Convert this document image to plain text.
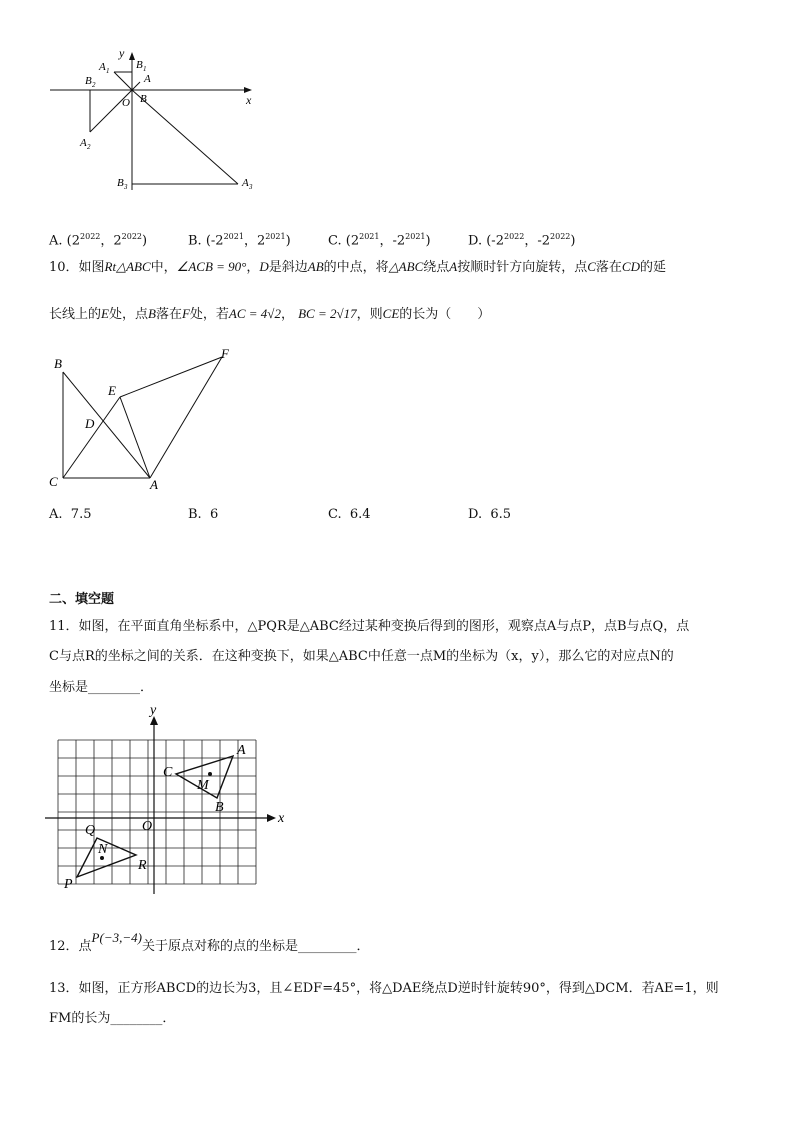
y
x
A 1 B 1
A
B 2
O B
A 2
B 3	A 3
A. ($2^{2022}$，$2^{2022}$)	B. ($-2^{2021}$，$2^{2021}$)	C. ($2^{2021}$，$-2^{2021}$)	D. ($-2^{2022}$，$-2^{2022}$)
10．如图Rt△ABC中，∠ACB = 90°，D是斜边AB的中点，将△ABC绕点A按顺时针方向旋转，点C落在CD的延
长线上的E处，点B落在F处，若AC = 4√2， BC = 2√17，则CE的长为（　　）
B
F
E
D
C	A
A. 7.5	B. 6	C. 6.4	D. 6.5
二、填空题
11．如图，在平面直角坐标系中，△PQR是△ABC经过某种变换后得到的图形，观察点A与点P，点B与点Q，点
C与点R的坐标之间的关系．在这种变换下，如果△ABC中任意一点M的坐标为（x，y），那么它的对应点N的
坐标是________．
y
x
O
A
C
M
B
Q
N
R
P
12．点P(−3,−4)关于原点对称的点的坐标是_________．
13．如图，正方形ABCD的边长为3，且∠EDF=45°，将△DAE绕点D逆时针旋转90°，得到△DCM．若AE=1，则
FM的长为________．
